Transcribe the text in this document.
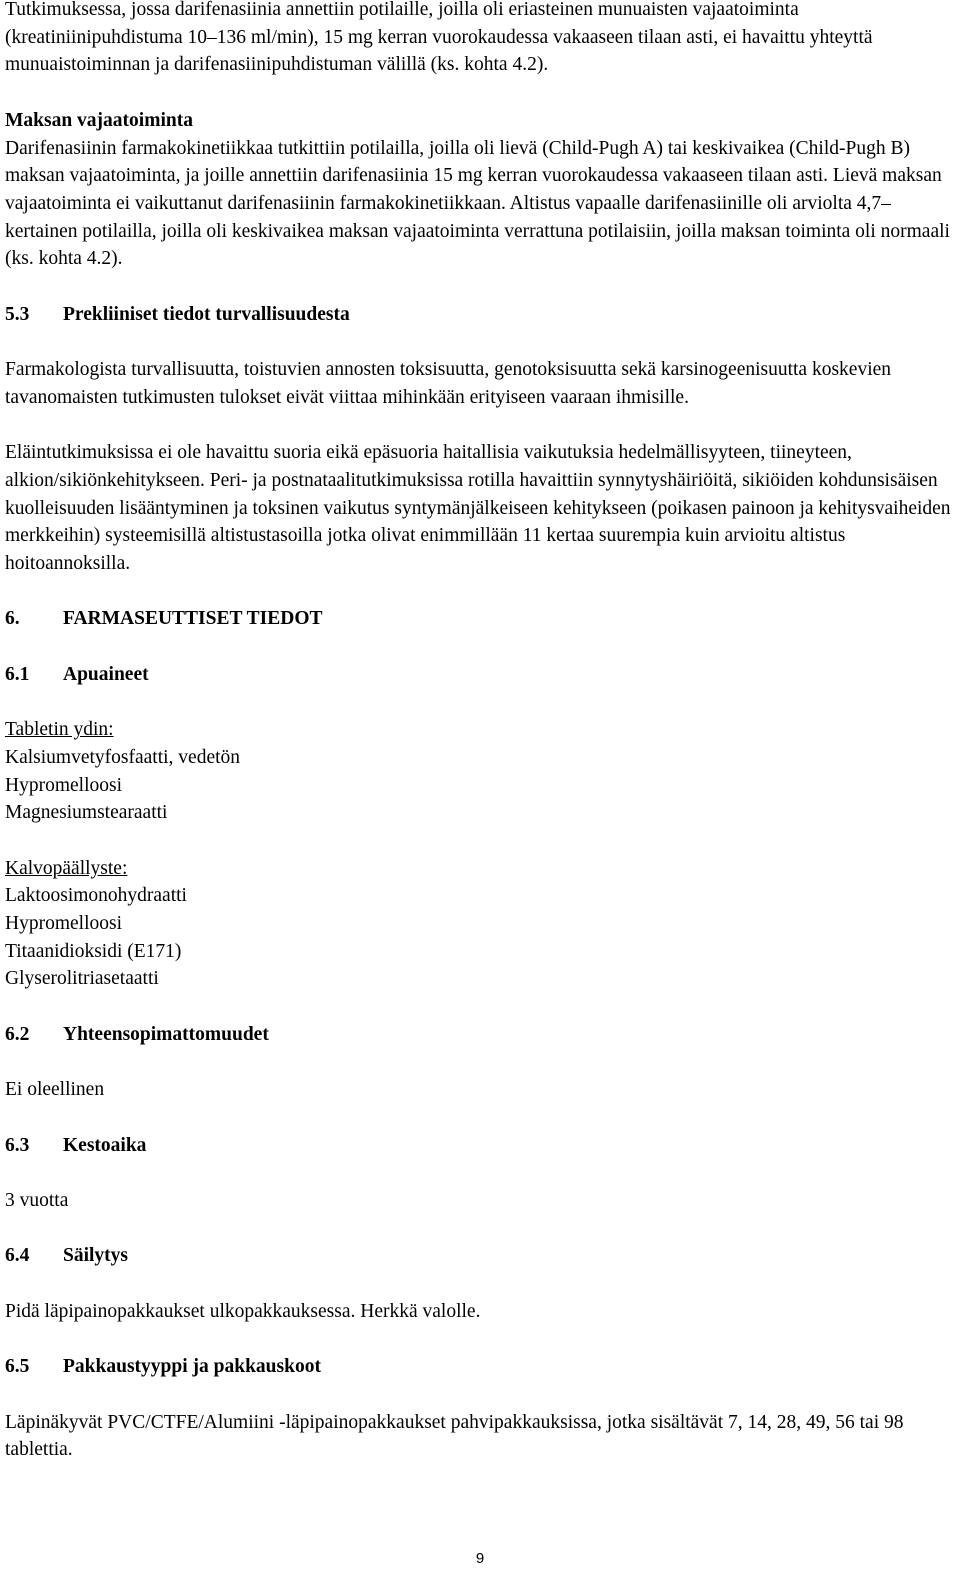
Tutkimuksessa, jossa darifenasiinia annettiin potilaille, joilla oli eriasteinen munuaisten vajaatoiminta (kreatiniinipuhdistuma 10–136 ml/min), 15 mg kerran vuorokaudessa vakaaseen tilaan asti, ei havaittu yhteyttä munuaistoiminnan ja darifenasiinipuhdistuman välillä (ks. kohta 4.2).

Maksan vajaatoiminta

Darifenasiinin farmakokinetiikkaa tutkittiin potilailla, joilla oli lievä (Child-Pugh A) tai keskivaikea (Child-Pugh B) maksan vajaatoiminta, ja joille annettiin darifenasiinia 15 mg kerran vuorokaudessa vakaaseen tilaan asti. Lievä maksan vajaatoiminta ei vaikuttanut darifenasiinin farmakokinetiikkaan. Altistus vapaalle darifenasiinille oli arviolta 4,7–kertainen potilailla, joilla oli keskivaikea maksan vajaatoiminta verrattuna potilaisiin, joilla maksan toiminta oli normaali (ks. kohta 4.2).

5.3 Prekliiniset tiedot turvallisuudesta

Farmakologista turvallisuutta, toistuvien annosten toksisuutta, genotoksisuutta sekä karsinogeenisuutta koskevien tavanomaisten tutkimusten tulokset eivät viittaa mihinkään erityiseen vaaraan ihmisille.

Eläintutkimuksissa ei ole havaittu suoria eikä epäsuoria haitallisia vaikutuksia hedelmällisyyteen, tiineyteen, alkion/sikiönkehitykseen. Peri- ja postnataalitutkimuksissa rotilla havaittiin synnytyshäiriöitä, sikiöiden kohdunsisäisen kuolleisuuden lisääntyminen ja toksinen vaikutus syntymänjälkeiseen kehitykseen (poikasen painoon ja kehitysvaiheiden merkkeihin) systeemisillä altistustasoilla jotka olivat enimmillään 11 kertaa suurempia kuin arvioitu altistus hoitoannoksilla.

6. FARMASEUTTISET TIEDOT

6.1 Apuaineet

Tabletin ydin:

Kalsiumvetyfosfaatti, vedetön
Hypromelloosi
Magnesiumstearaatti

Kalvopäällyste:

Laktoosimonohydraatti
Hypromelloosi
Titaanidioksidi (E171)
Glyserolitriasetaatti

6.2 Yhteensopimattomuudet

Ei oleellinen

6.3 Kestoaika

3 vuotta

6.4 Säilytys

Pidä läpipainopakkaukset ulkopakkauksessa. Herkkä valolle.

6.5 Pakkaustyyppi ja pakkauskoot

Läpinäkyvät PVC/CTFE/Alumiini -läpipainopakkaukset pahvipakkauksissa, jotka sisältävät 7, 14, 28, 49, 56 tai 98 tablettia.

9
